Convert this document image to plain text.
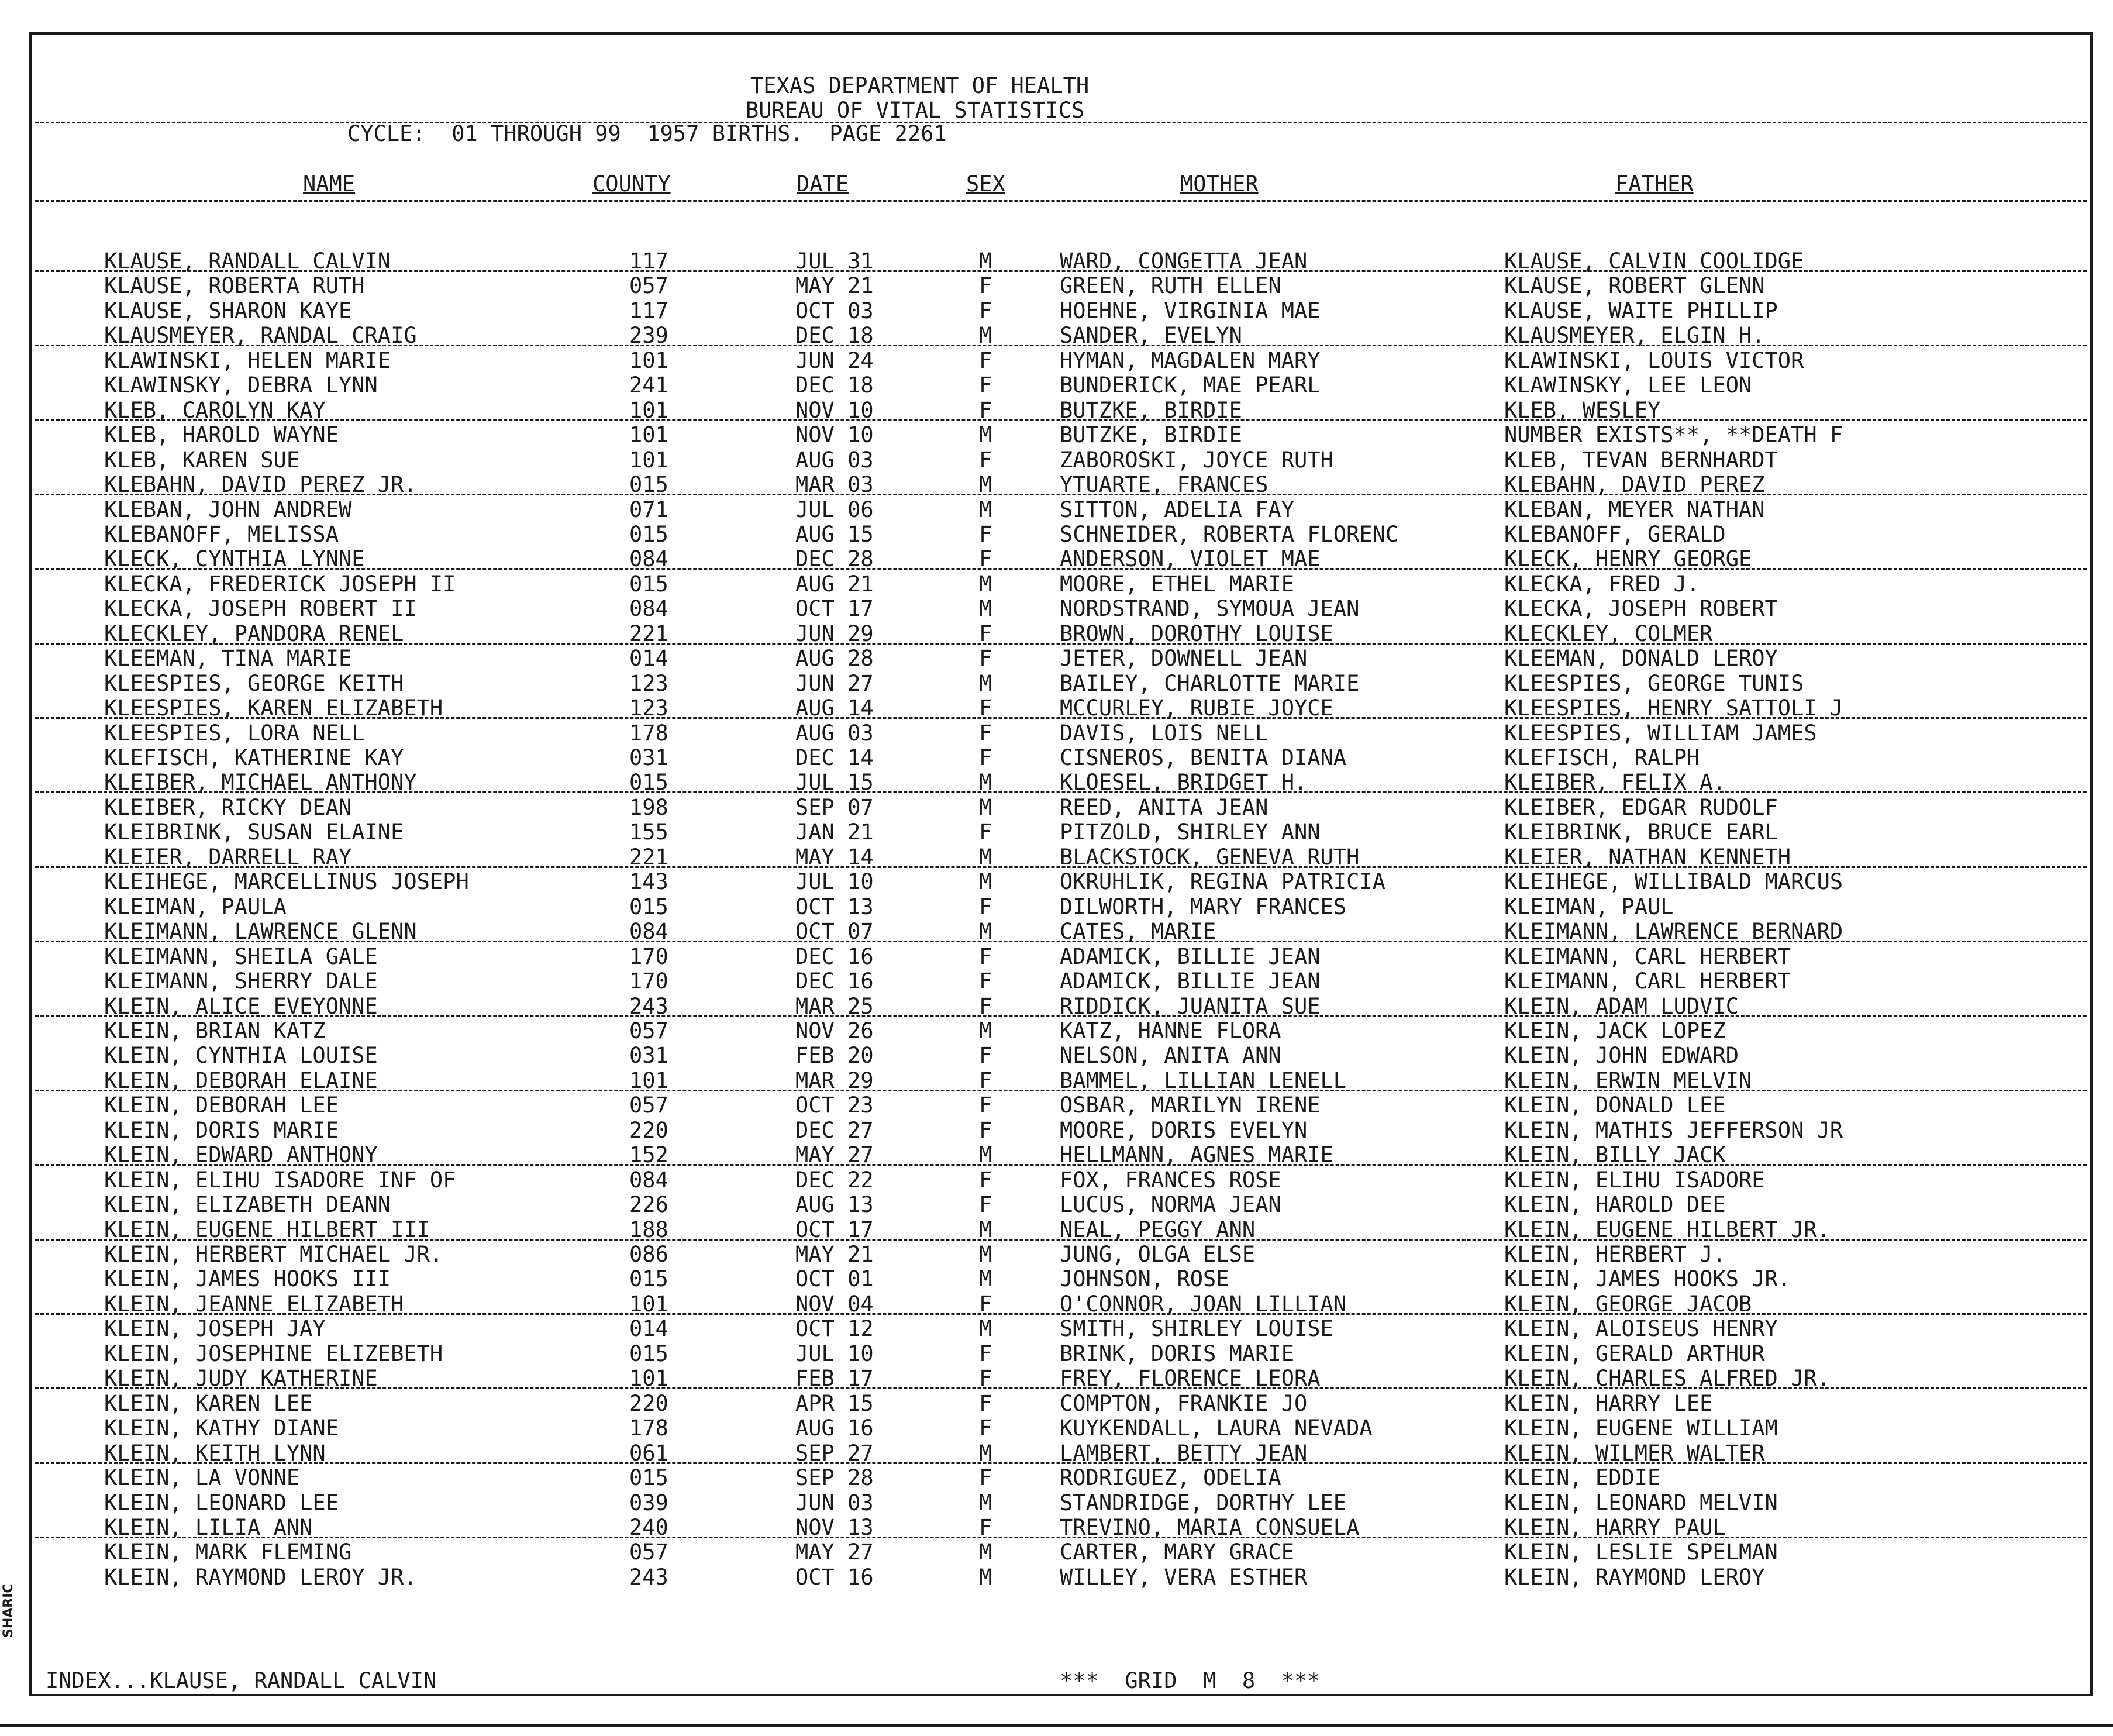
SHARIC
TEXAS DEPARTMENT OF HEALTH
BUREAU OF VITAL STATISTICS
CYCLE:  01 THROUGH 99  1957 BIRTHS.  PAGE 2261
NAME	COUNTY	DATE	SEX	MOTHER	FATHER
KLAUSE, RANDALL CALVIN	117	JUL 31	M	WARD, CONGETTA JEAN	KLAUSE, CALVIN COOLIDGE
KLAUSE, ROBERTA RUTH	057	MAY 21	F	GREEN, RUTH ELLEN	KLAUSE, ROBERT GLENN
KLAUSE, SHARON KAYE	117	OCT 03	F	HOEHNE, VIRGINIA MAE	KLAUSE, WAITE PHILLIP
KLAUSMEYER, RANDAL CRAIG	239	DEC 18	M	SANDER, EVELYN	KLAUSMEYER, ELGIN H.
KLAWINSKI, HELEN MARIE	101	JUN 24	F	HYMAN, MAGDALEN MARY	KLAWINSKI, LOUIS VICTOR
KLAWINSKY, DEBRA LYNN	241	DEC 18	F	BUNDERICK, MAE PEARL	KLAWINSKY, LEE LEON
KLEB, CAROLYN KAY	101	NOV 10	F	BUTZKE, BIRDIE	KLEB, WESLEY
KLEB, HAROLD WAYNE	101	NOV 10	M	BUTZKE, BIRDIE	NUMBER EXISTS**, **DEATH F
KLEB, KAREN SUE	101	AUG 03	F	ZABOROSKI, JOYCE RUTH	KLEB, TEVAN BERNHARDT
KLEBAHN, DAVID PEREZ JR.	015	MAR 03	M	YTUARTE, FRANCES	KLEBAHN, DAVID PEREZ
KLEBAN, JOHN ANDREW	071	JUL 06	M	SITTON, ADELIA FAY	KLEBAN, MEYER NATHAN
KLEBANOFF, MELISSA	015	AUG 15	F	SCHNEIDER, ROBERTA FLORENC	KLEBANOFF, GERALD
KLECK, CYNTHIA LYNNE	084	DEC 28	F	ANDERSON, VIOLET MAE	KLECK, HENRY GEORGE
KLECKA, FREDERICK JOSEPH II	015	AUG 21	M	MOORE, ETHEL MARIE	KLECKA, FRED J.
KLECKA, JOSEPH ROBERT II	084	OCT 17	M	NORDSTRAND, SYMOUA JEAN	KLECKA, JOSEPH ROBERT
KLECKLEY, PANDORA RENEL	221	JUN 29	F	BROWN, DOROTHY LOUISE	KLECKLEY, COLMER
KLEEMAN, TINA MARIE	014	AUG 28	F	JETER, DOWNELL JEAN	KLEEMAN, DONALD LEROY
KLEESPIES, GEORGE KEITH	123	JUN 27	M	BAILEY, CHARLOTTE MARIE	KLEESPIES, GEORGE TUNIS
KLEESPIES, KAREN ELIZABETH	123	AUG 14	F	MCCURLEY, RUBIE JOYCE	KLEESPIES, HENRY SATTOLI J
KLEESPIES, LORA NELL	178	AUG 03	F	DAVIS, LOIS NELL	KLEESPIES, WILLIAM JAMES
KLEFISCH, KATHERINE KAY	031	DEC 14	F	CISNEROS, BENITA DIANA	KLEFISCH, RALPH
KLEIBER, MICHAEL ANTHONY	015	JUL 15	M	KLOESEL, BRIDGET H.	KLEIBER, FELIX A.
KLEIBER, RICKY DEAN	198	SEP 07	M	REED, ANITA JEAN	KLEIBER, EDGAR RUDOLF
KLEIBRINK, SUSAN ELAINE	155	JAN 21	F	PITZOLD, SHIRLEY ANN	KLEIBRINK, BRUCE EARL
KLEIER, DARRELL RAY	221	MAY 14	M	BLACKSTOCK, GENEVA RUTH	KLEIER, NATHAN KENNETH
KLEIHEGE, MARCELLINUS JOSEPH	143	JUL 10	M	OKRUHLIK, REGINA PATRICIA	KLEIHEGE, WILLIBALD MARCUS
KLEIMAN, PAULA	015	OCT 13	F	DILWORTH, MARY FRANCES	KLEIMAN, PAUL
KLEIMANN, LAWRENCE GLENN	084	OCT 07	M	CATES, MARIE	KLEIMANN, LAWRENCE BERNARD
KLEIMANN, SHEILA GALE	170	DEC 16	F	ADAMICK, BILLIE JEAN	KLEIMANN, CARL HERBERT
KLEIMANN, SHERRY DALE	170	DEC 16	F	ADAMICK, BILLIE JEAN	KLEIMANN, CARL HERBERT
KLEIN, ALICE EVEYONNE	243	MAR 25	F	RIDDICK, JUANITA SUE	KLEIN, ADAM LUDVIC
KLEIN, BRIAN KATZ	057	NOV 26	M	KATZ, HANNE FLORA	KLEIN, JACK LOPEZ
KLEIN, CYNTHIA LOUISE	031	FEB 20	F	NELSON, ANITA ANN	KLEIN, JOHN EDWARD
KLEIN, DEBORAH ELAINE	101	MAR 29	F	BAMMEL, LILLIAN LENELL	KLEIN, ERWIN MELVIN
KLEIN, DEBORAH LEE	057	OCT 23	F	OSBAR, MARILYN IRENE	KLEIN, DONALD LEE
KLEIN, DORIS MARIE	220	DEC 27	F	MOORE, DORIS EVELYN	KLEIN, MATHIS JEFFERSON JR
KLEIN, EDWARD ANTHONY	152	MAY 27	M	HELLMANN, AGNES MARIE	KLEIN, BILLY JACK
KLEIN, ELIHU ISADORE INF OF	084	DEC 22	F	FOX, FRANCES ROSE	KLEIN, ELIHU ISADORE
KLEIN, ELIZABETH DEANN	226	AUG 13	F	LUCUS, NORMA JEAN	KLEIN, HAROLD DEE
KLEIN, EUGENE HILBERT III	188	OCT 17	M	NEAL, PEGGY ANN	KLEIN, EUGENE HILBERT JR.
KLEIN, HERBERT MICHAEL JR.	086	MAY 21	M	JUNG, OLGA ELSE	KLEIN, HERBERT J.
KLEIN, JAMES HOOKS III	015	OCT 01	M	JOHNSON, ROSE	KLEIN, JAMES HOOKS JR.
KLEIN, JEANNE ELIZABETH	101	NOV 04	F	O'CONNOR, JOAN LILLIAN	KLEIN, GEORGE JACOB
KLEIN, JOSEPH JAY	014	OCT 12	M	SMITH, SHIRLEY LOUISE	KLEIN, ALOISEUS HENRY
KLEIN, JOSEPHINE ELIZEBETH	015	JUL 10	F	BRINK, DORIS MARIE	KLEIN, GERALD ARTHUR
KLEIN, JUDY KATHERINE	101	FEB 17	F	FREY, FLORENCE LEORA	KLEIN, CHARLES ALFRED JR.
KLEIN, KAREN LEE	220	APR 15	F	COMPTON, FRANKIE JO	KLEIN, HARRY LEE
KLEIN, KATHY DIANE	178	AUG 16	F	KUYKENDALL, LAURA NEVADA	KLEIN, EUGENE WILLIAM
KLEIN, KEITH LYNN	061	SEP 27	M	LAMBERT, BETTY JEAN	KLEIN, WILMER WALTER
KLEIN, LA VONNE	015	SEP 28	F	RODRIGUEZ, ODELIA	KLEIN, EDDIE
KLEIN, LEONARD LEE	039	JUN 03	M	STANDRIDGE, DORTHY LEE	KLEIN, LEONARD MELVIN
KLEIN, LILIA ANN	240	NOV 13	F	TREVINO, MARIA CONSUELA	KLEIN, HARRY PAUL
KLEIN, MARK FLEMING	057	MAY 27	M	CARTER, MARY GRACE	KLEIN, LESLIE SPELMAN
KLEIN, RAYMOND LEROY JR.	243	OCT 16	M	WILLEY, VERA ESTHER	KLEIN, RAYMOND LEROY
INDEX...KLAUSE, RANDALL CALVIN	***  GRID  M  8  ***
